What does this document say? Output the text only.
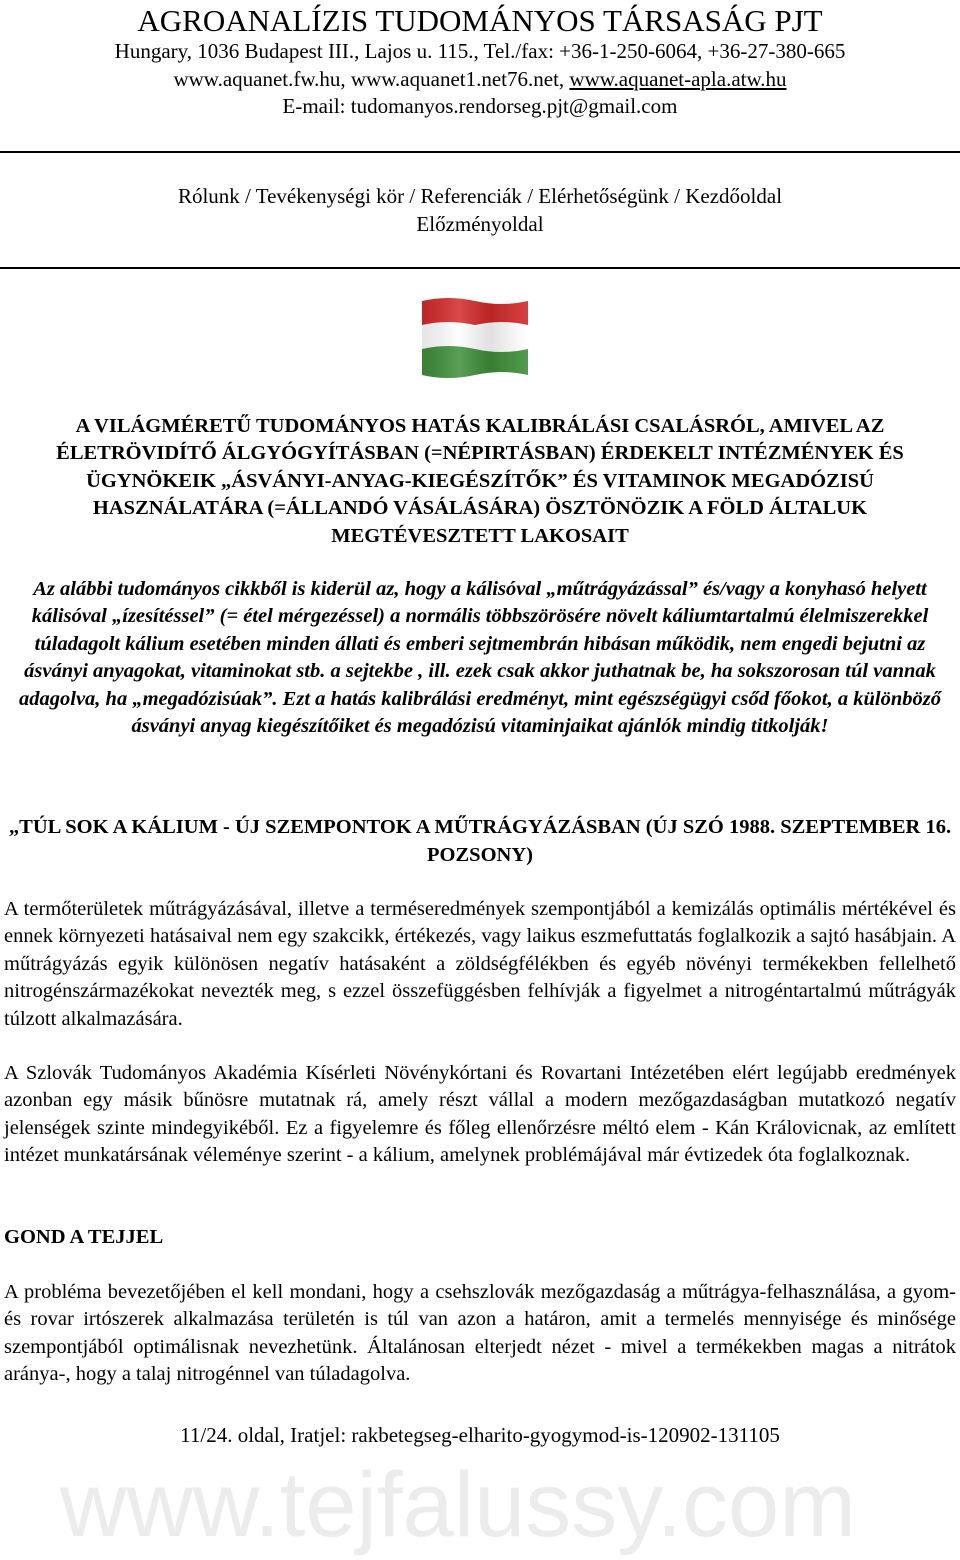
AGROANALÍZIS TUDOMÁNYOS TÁRSASÁG PJT
Hungary, 1036 Budapest III., Lajos u. 115., Tel./fax: +36-1-250-6064, +36-27-380-665
www.aquanet.fw.hu, www.aquanet1.net76.net, www.aquanet-apla.atw.hu
E-mail: tudomanyos.rendorseg.pjt@gmail.com
Rólunk / Tevékenységi kör / Referenciák / Elérhetőségünk / Kezdőoldal
Előzményoldal
A VILÁGMÉRETŰ TUDOMÁNYOS HATÁS KALIBRÁLÁSI CSALÁSRÓL, AMIVEL AZ ÉLETRÖVIDÍTŐ ÁLGYÓGYÍTÁSBAN (=NÉPIRTÁSBAN) ÉRDEKELT INTÉZMÉNYEK ÉS ÜGYNÖKEIK „ÁSVÁNYI-ANYAG-KIEGÉSZÍTŐK” ÉS VITAMINOK MEGADÓZISÚ HASZNÁLATÁRA (=ÁLLANDÓ VÁSÁLÁSÁRA) ÖSZTÖNÖZIK A FÖLD ÁLTALUK MEGTÉVESZTETT LAKOSAIT
Az alábbi tudományos cikkből is kiderül az, hogy a kálisóval „műtrágyázással” és/vagy a konyhasó helyett kálisóval „ízesítéssel” (= étel mérgezéssel) a normális többszörösére növelt káliumtartalmú élelmiszerekkel túladagolt kálium esetében minden állati és emberi sejtmembrán hibásan működik, nem engedi bejutni az ásványi anyagokat, vitaminokat stb. a sejtekbe , ill. ezek csak akkor juthatnak be, ha sokszorosan túl vannak adagolva, ha „megadózisúak”. Ezt a hatás kalibrálási eredményt, mint egészségügyi csőd főokot, a különböző ásványi anyag kiegészítőiket és megadózisú vitaminjaikat ajánlók mindig titkolják!
„TÚL SOK A KÁLIUM - ÚJ SZEMPONTOK A MŰTRÁGYÁZÁSBAN (ÚJ SZÓ 1988. SZEPTEMBER 16. POZSONY)
A termőterületek műtrágyázásával, illetve a terméseredmények szempontjából a kemizálás optimális mértékével és ennek környezeti hatásaival nem egy szakcikk, értékezés, vagy laikus eszmefuttatás foglalkozik a sajtó hasábjain. A műtrágyázás egyik különösen negatív hatásaként a zöldségfélékben és egyéb növényi termékekben fellelhető nitrogénszármazékokat nevezték meg, s ezzel összefüggésben felhívják a figyelmet a nitrogéntartalmú műtrágyák túlzott alkalmazására.
A Szlovák Tudományos Akadémia Kísérleti Növénykórtani és Rovartani Intézetében elért legújabb eredmények azonban egy másik bűnösre mutatnak rá, amely részt vállal a modern mezőgazdaságban mutatkozó negatív jelenségek szinte mindegyikéből. Ez a figyelemre és főleg ellenőrzésre méltó elem - Kán Královicnak, az említett intézet munkatársának véleménye szerint - a kálium, amelynek problémájával már évtizedek óta foglalkoznak.
GOND A TEJJEL
A probléma bevezetőjében el kell mondani, hogy a csehszlovák mezőgazdaság a műtrágya-felhasználása, a gyom- és rovar irtószerek alkalmazása területén is túl van azon a határon, amit a termelés mennyisége és minősége szempontjából optimálisnak nevezhetünk. Általánosan elterjedt nézet - mivel a termékekben magas a nitrátok aránya-, hogy a talaj nitrogénnel van túladagolva.
11/24. oldal, Iratjel: rakbetegseg-elharito-gyogymod-is-120902-131105
www.tejfalussy.com
